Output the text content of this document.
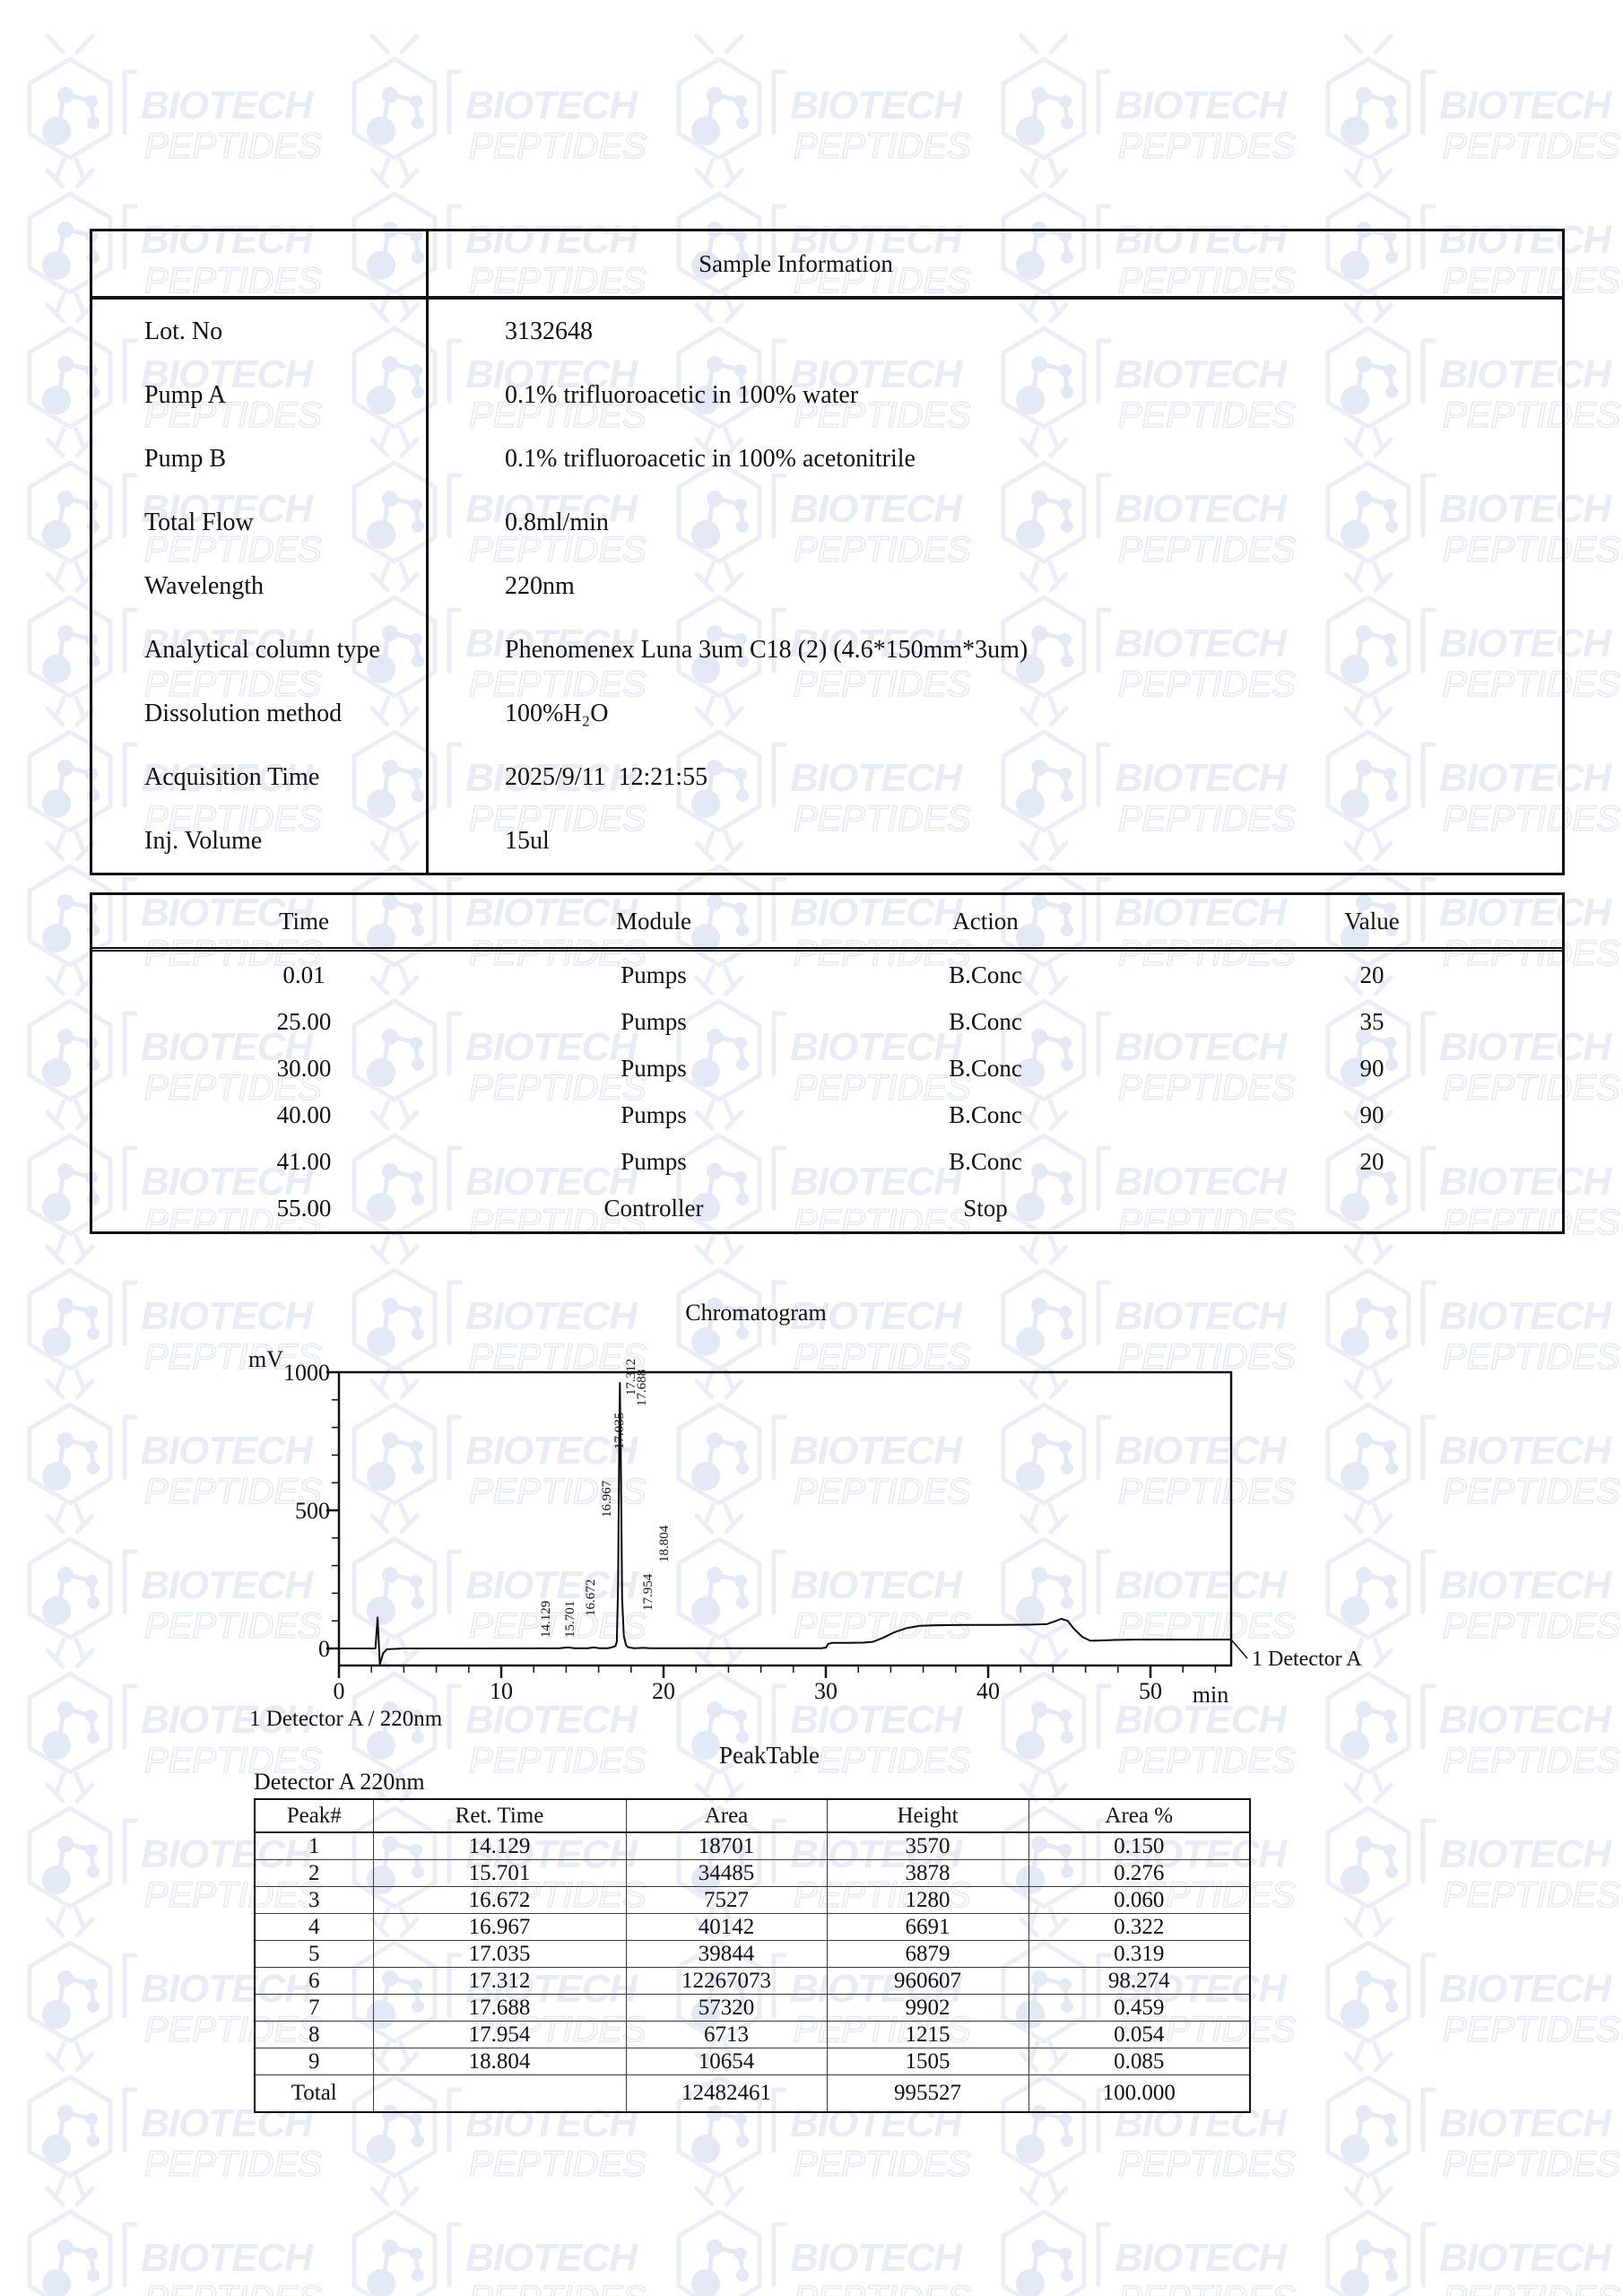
Sample Information
Lot. No	3132648
Pump A	0.1% trifluoroacetic in 100% water
Pump B	0.1% trifluoroacetic in 100% acetonitrile
Total Flow	0.8ml/min
Wavelength	220nm
Analytical column type	Phenomenex Luna 3um C18 (2) (4.6*150mm*3um)
Dissolution method	100%H₂O
Acquisition Time	2025/9/11  12:21:55
Inj. Volume	15ul
Time	Module	Action	Value
0.01	Pumps	B.Conc	20
25.00	Pumps	B.Conc	35
30.00	Pumps	B.Conc	90
40.00	Pumps	B.Conc	90
41.00	Pumps	B.Conc	20
55.00	Controller	Stop
Chromatogram
mV
0
500
1000
0	10	20	30	40	50
14.129 15.701
16.672
16.967
17.035
17.312
17.688
17.954
18.804
min
1 Detector A
1 Detector A / 220nm
PeakTable
Detector A 220nm
Peak#	Ret. Time	Area	Height	Area %
1	14.129	18701	3570	0.150
2	15.701	34485	3878	0.276
3	16.672	7527	1280	0.060
4	16.967	40142	6691	0.322
5	17.035	39844	6879	0.319
6	17.312	12267073	960607	98.274
7	17.688	57320	9902	0.459
8	17.954	6713	1215	0.054
9	18.804	10654	1505	0.085
Total		12482461	995527	100.000
